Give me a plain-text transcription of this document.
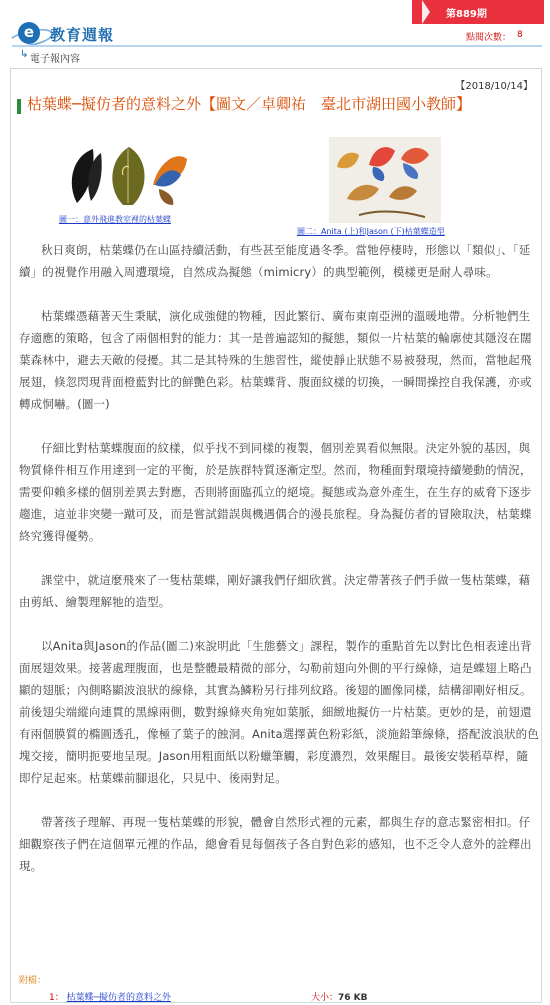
e	教育週報
↳ 電子報內容
第889期
點閱次數： 8
【2018/10/14】
枯葉蝶─擬仿者的意料之外【圖文／卓卿祐　臺北市湖田國小教師】
圖一：意外飛進教室裡的枯葉蝶
圖二：Anita (上)和Jason (下)枯葉蝶造型

秋日爽朗，枯葉蝶仍在山區持續活動，有些甚至能度過冬季。當牠停棲時，形態以「類似」、「延續」的視覺作用融入周遭環境，自然成為擬態（mimicry）的典型範例，模樣更是耐人尋味。

枯葉蝶憑藉著天生秉賦，演化成強健的物種，因此繁衍、廣布東南亞洲的溫暖地帶。分析牠們生存適應的策略，包含了兩個相對的能力：其一是普遍認知的擬態，類似一片枯葉的輪廓使其隱沒在闊葉森林中，避去天敵的侵擾。其二是其特殊的生態習性，縱使靜止狀態不易被發現，然而，當牠起飛展翅，倏忽閃現背面橙藍對比的鮮艷色彩。枯葉蝶背、腹面紋樣的切換，一瞬間操控自我保護，亦或轉成恫嚇。(圖一)

仔細比對枯葉蝶腹面的紋樣，似乎找不到同樣的複製，個別差異看似無限。決定外貌的基因，與物質條件相互作用達到一定的平衡，於是族群特質逐漸定型。然而，物種面對環境持續變動的情況，需要仰賴多樣的個別差異去對應，否則將面臨孤立的絕境。擬態或為意外產生，在生存的威脅下逐步趨進，這並非突變一蹴可及，而是嘗試錯誤與機遇偶合的漫長旅程。身為擬仿者的冒險取決，枯葉蝶終究獲得優勢。

課堂中，就這麼飛來了一隻枯葉蝶，剛好讓我們仔細欣賞。決定帶著孩子們手做一隻枯葉蝶，藉由剪紙、繪製理解牠的造型。

以Anita與Jason的作品(圖二)來說明此「生態藝文」課程，製作的重點首先以對比色相表達出背面展翅效果。接著處理腹面，也是整體最精微的部分，勾勒前翅向外側的平行線條，這是蝶翅上略凸顯的翅脈；內側略顯波浪狀的線條，其實為鱗粉另行排列紋路。後翅的圖像同樣，結構卻剛好相反。前後翅尖端縱向連貫的黑線兩側，數對線條夾角宛如葉脈，細緻地擬仿一片枯葉。更妙的是，前翅還有兩個膜質的橢圓透孔，像極了葉子的蝕洞。Anita選擇黃色粉彩紙，淡施鉛筆線條，搭配波浪狀的色塊交接，簡明扼要地呈現。Jason用粗面紙以粉蠟筆觸，彩度濃烈，效果醒目。最後安裝稻草桿，隨即佇足起來。枯葉蝶前腳退化，只見中、後兩對足。

帶著孩子理解、再現一隻枯葉蝶的形貌，體會自然形式裡的元素，都與生存的意志緊密相扣。仔細觀察孩子們在這個單元裡的作品，總會看見每個孩子各自對色彩的感知，也不乏令人意外的詮釋出現。

附檔：
1： 枯葉蝶─擬仿者的意料之外	大小：76 KB
